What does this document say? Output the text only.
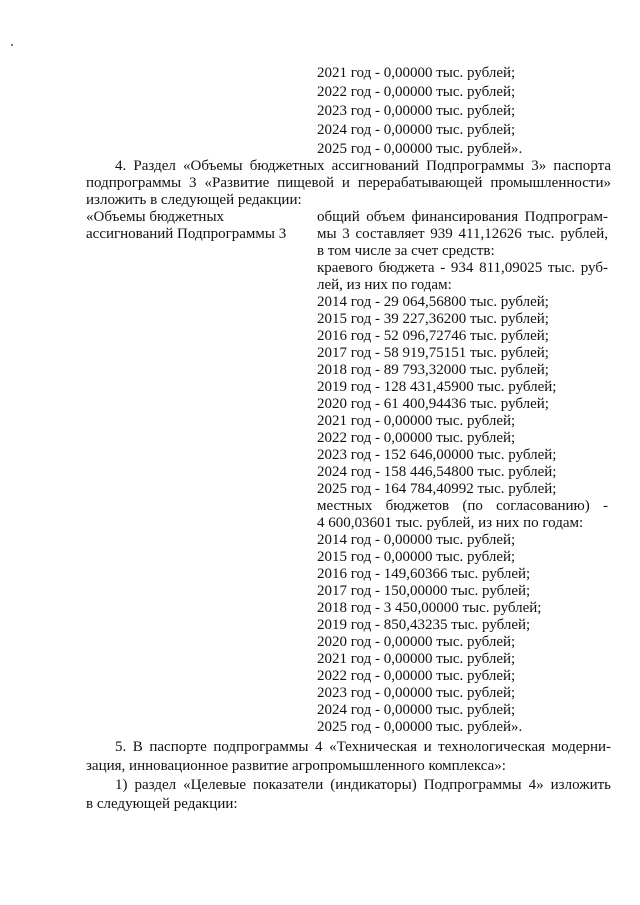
2021 год - 0,00000 тыс. рублей;
2022 год - 0,00000 тыс. рублей;
2023 год - 0,00000 тыс. рублей;
2024 год - 0,00000 тыс. рублей;
2025 год - 0,00000 тыс. рублей».
4. Раздел «Объемы бюджетных ассигнований Подпрограммы 3» паспорта
подпрограммы 3 «Развитие пищевой и перерабатывающей промышленности»
изложить в следующей редакции:
«Объемы бюджетных
ассигнований Подпрограммы 3
общий объем финансирования Подпрограм-
мы 3 составляет 939 411,12626 тыс. рублей,
в том числе за счет средств:
краевого бюджета - 934 811,09025 тыс. руб-
лей, из них по годам:
2014 год - 29 064,56800 тыс. рублей;
2015 год - 39 227,36200 тыс. рублей;
2016 год - 52 096,72746 тыс. рублей;
2017 год - 58 919,75151 тыс. рублей;
2018 год - 89 793,32000 тыс. рублей;
2019 год - 128 431,45900 тыс. рублей;
2020 год - 61 400,94436 тыс. рублей;
2021 год - 0,00000 тыс. рублей;
2022 год - 0,00000 тыс. рублей;
2023 год - 152 646,00000 тыс. рублей;
2024 год - 158 446,54800 тыс. рублей;
2025 год - 164 784,40992 тыс. рублей;
местных бюджетов (по согласованию) -
4 600,03601 тыс. рублей, из них по годам:
2014 год - 0,00000 тыс. рублей;
2015 год - 0,00000 тыс. рублей;
2016 год - 149,60366 тыс. рублей;
2017 год - 150,00000 тыс. рублей;
2018 год - 3 450,00000 тыс. рублей;
2019 год - 850,43235 тыс. рублей;
2020 год - 0,00000 тыс. рублей;
2021 год - 0,00000 тыс. рублей;
2022 год - 0,00000 тыс. рублей;
2023 год - 0,00000 тыс. рублей;
2024 год - 0,00000 тыс. рублей;
2025 год - 0,00000 тыс. рублей».
5. В паспорте подпрограммы 4 «Техническая и технологическая модерни-
зация, инновационное развитие агропромышленного комплекса»:
1) раздел «Целевые показатели (индикаторы) Подпрограммы 4» изложить
в следующей редакции:
